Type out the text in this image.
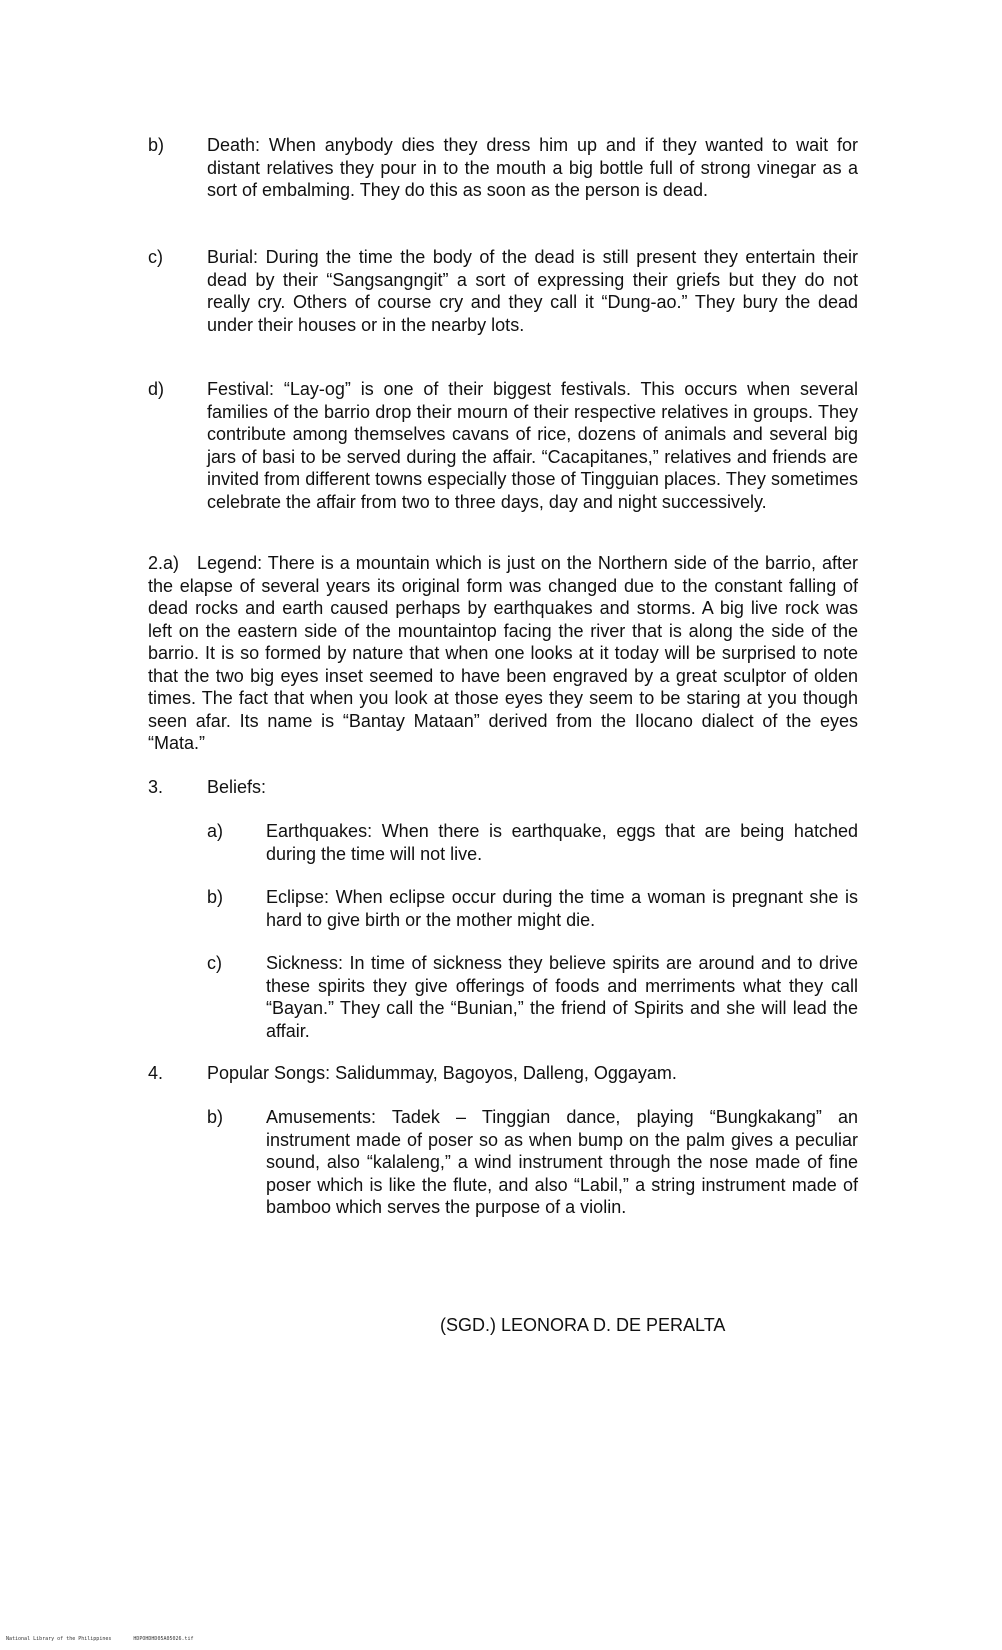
b)	Death: When anybody dies they dress him up and if they wanted to wait for distant relatives they pour in to the mouth a big bottle full of strong vinegar as a sort of embalming. They do this as soon as the person is dead.
c)	Burial: During the time the body of the dead is still present they entertain their dead by their “Sangsangngit” a sort of expressing their griefs but they do not really cry. Others of course cry and they call it “Dung-ao.” They bury the dead under their houses or in the nearby lots.
d)	Festival: “Lay-og” is one of their biggest festivals. This occurs when several families of the barrio drop their mourn of their respective relatives in groups. They contribute among themselves cavans of rice, dozens of animals and several big jars of basi to be served during the affair. “Cacapitanes,” relatives and friends are invited from different towns especially those of Tingguian places. They sometimes celebrate the affair from two to three days, day and night successively.
2.a)   Legend: There is a mountain which is just on the Northern side of the barrio, after the elapse of several years its original form was changed due to the constant falling of dead rocks and earth caused perhaps by earthquakes and storms. A big live rock was left on the eastern side of the mountaintop facing the river that is along the side of the barrio. It is so formed by nature that when one looks at it today will be surprised to note that the two big eyes inset seemed to have been engraved by a great sculptor of olden times. The fact that when you look at those eyes they seem to be staring at you though seen afar. Its name is “Bantay Mataan” derived from the Ilocano dialect of the eyes “Mata.”
3.	Beliefs:
a)	Earthquakes: When there is earthquake, eggs that are being hatched during the time will not live.
b)	Eclipse: When eclipse occur during the time a woman is pregnant she is hard to give birth or the mother might die.
c)	Sickness: In time of sickness they believe spirits are around and to drive these spirits they give offerings of foods and merriments what they call “Bayan.” They call the “Bunian,” the friend of Spirits and she will lead the affair.
4.	Popular Songs: Salidummay, Bagoyos, Dalleng, Oggayam.
b)	Amusements: Tadek – Tinggian dance, playing “Bungkakang” an instrument made of poser so as when bump on the palm gives a peculiar sound, also “kalaleng,” a wind instrument through the nose made of fine poser which is like the flute, and also “Labil,” a string instrument made of bamboo which serves the purpose of a violin.
(SGD.) LEONORA D. DE PERALTA
National Library of the Philippines	HDPOHDHD05A05026.tif
